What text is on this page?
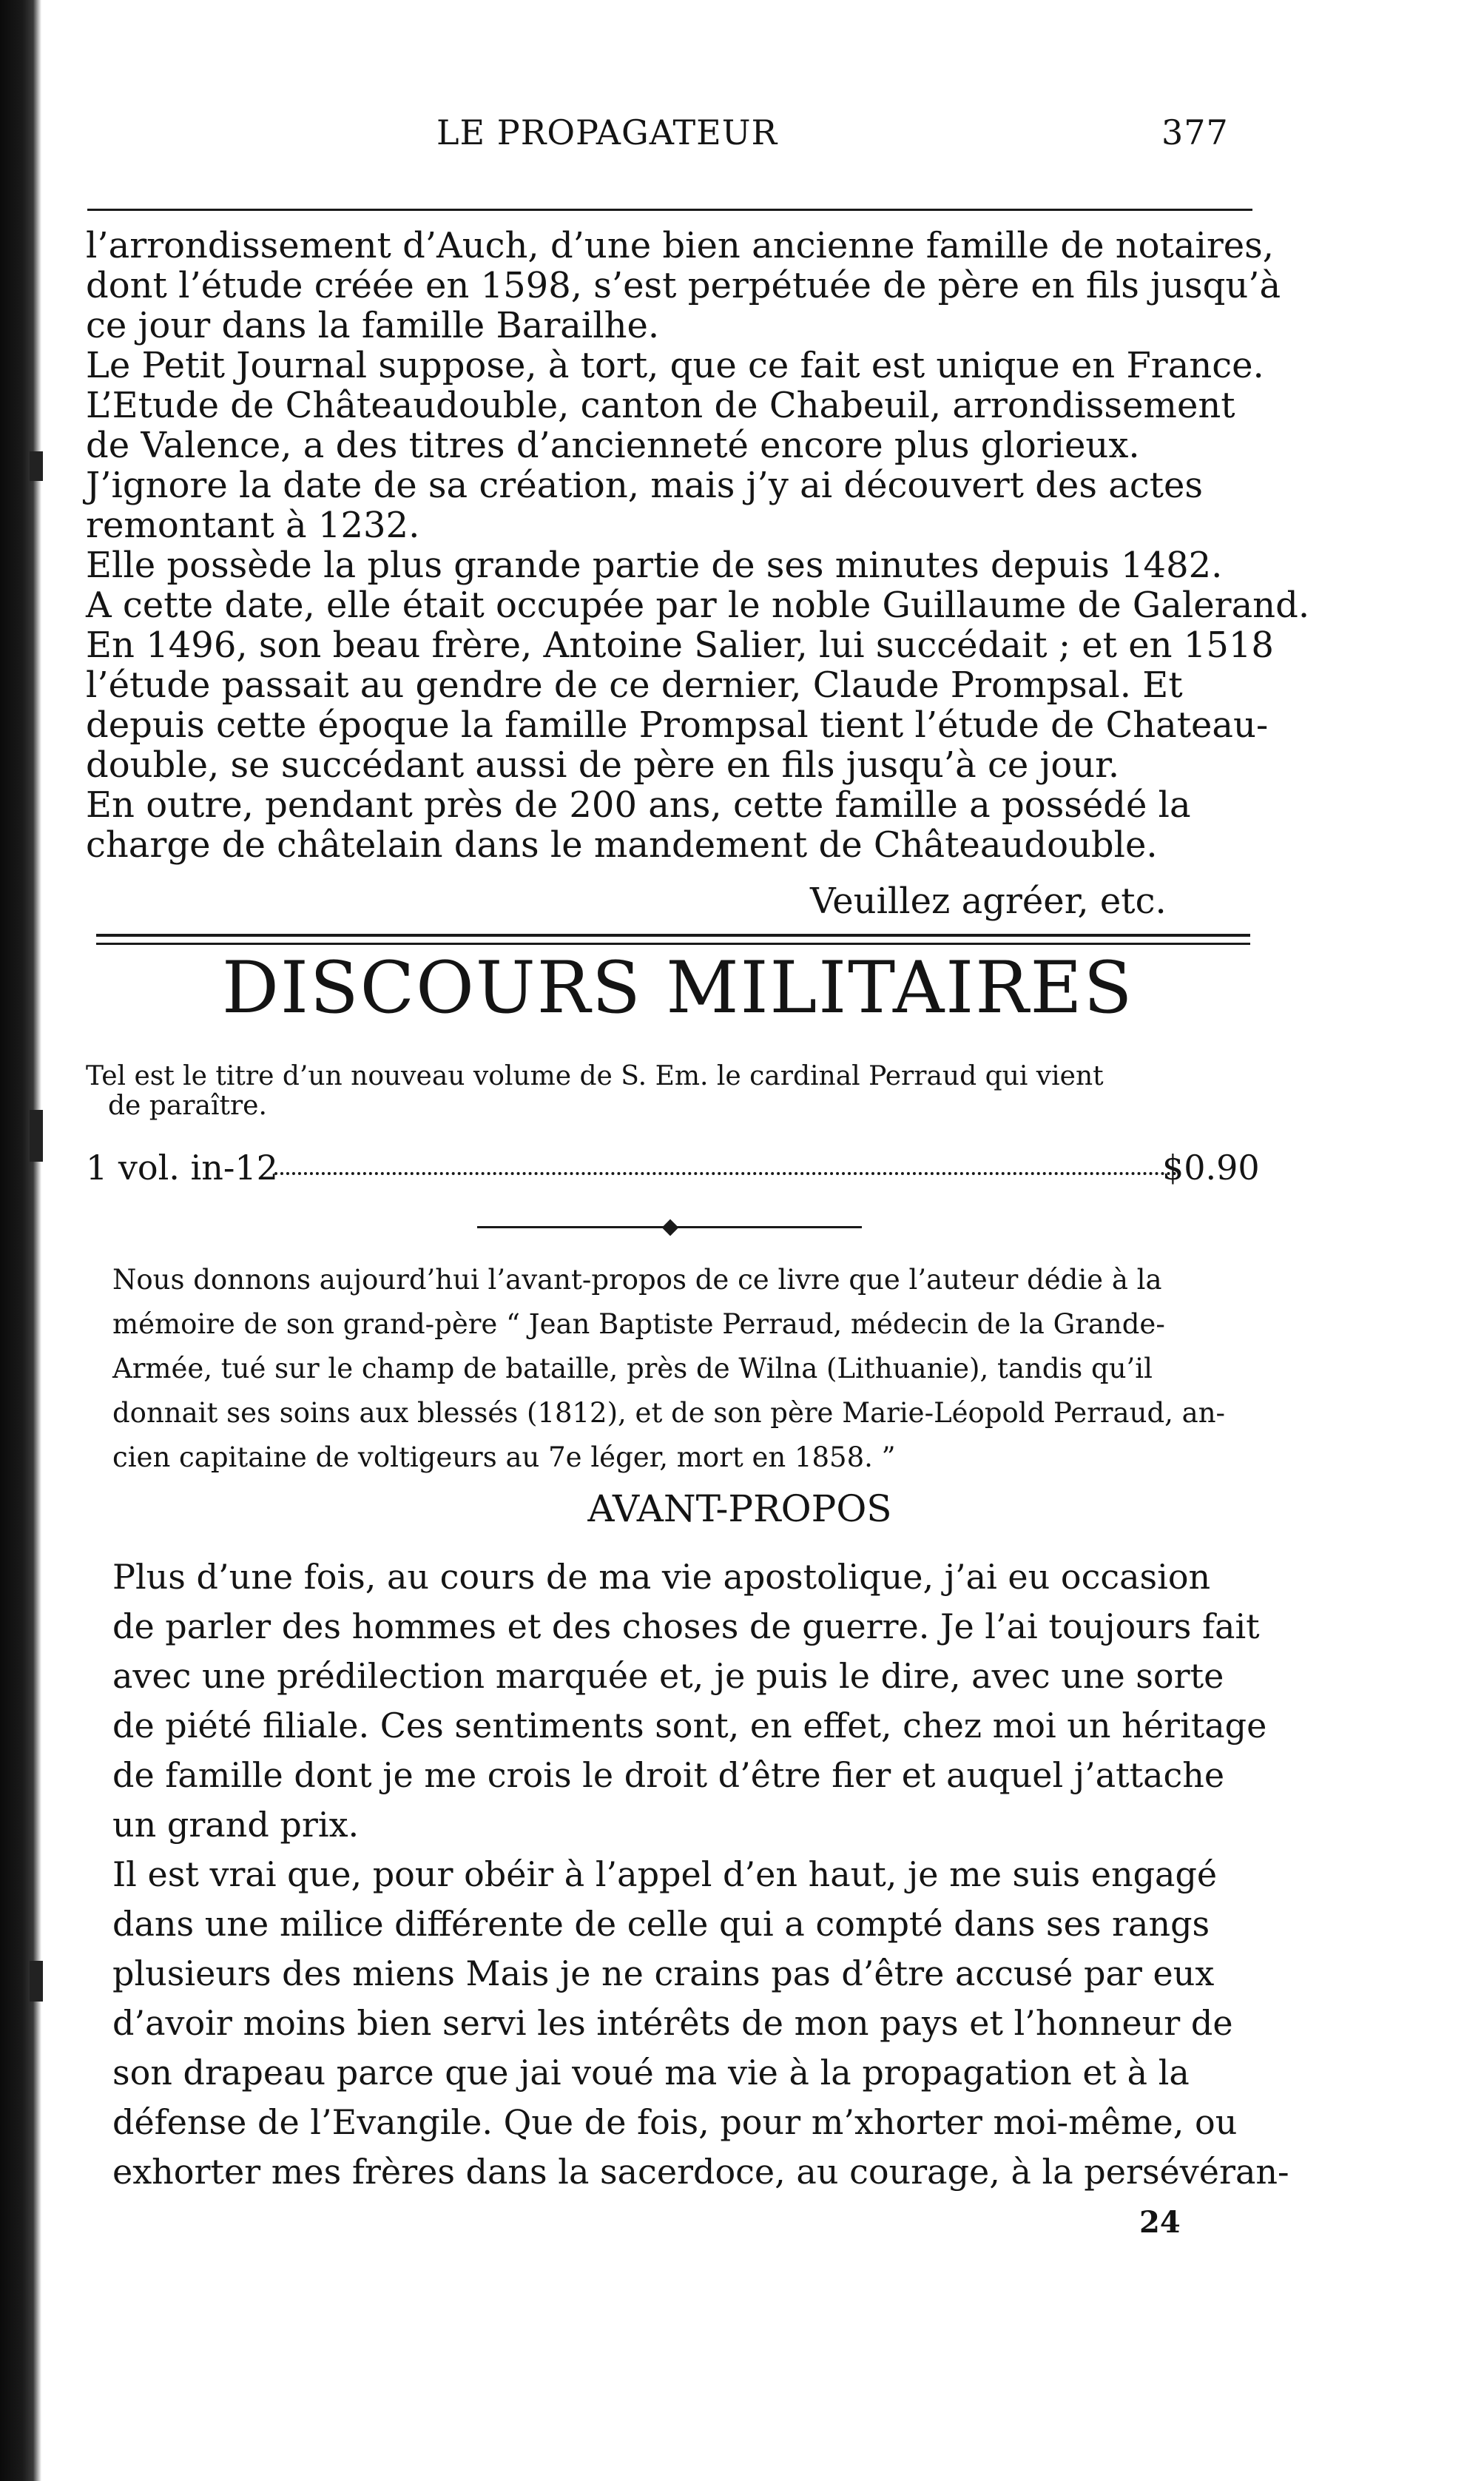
LE PROPAGATEUR	377
l’arrondissement d’Auch, d’une bien ancienne famille de notaires,
dont l’étude créée en 1598, s’est perpétuée de père en fils jusqu’à
ce jour dans la famille Barailhe.
Le Petit Journal suppose, à tort, que ce fait est unique en France.
L’Etude de Châteaudouble, canton de Chabeuil, arrondissement
de Valence, a des titres d’ancienneté encore plus glorieux.
J’ignore la date de sa création, mais j’y ai découvert des actes
remontant à 1232.
Elle possède la plus grande partie de ses minutes depuis 1482.
A cette date, elle était occupée par le noble Guillaume de Galerand.
En 1496, son beau frère, Antoine Salier, lui succédait ; et en 1518
l’étude passait au gendre de ce dernier, Claude Prompsal. Et
depuis cette époque la famille Prompsal tient l’étude de Chateau-
double, se succédant aussi de père en fils jusqu’à ce jour.
En outre, pendant près de 200 ans, cette famille a possédé la
charge de châtelain dans le mandement de Châteaudouble.
Veuillez agréer, etc.
DISCOURS MILITAIRES
Tel est le titre d’un nouveau volume de S. Em. le cardinal Perraud qui vient
de paraître.
1 vol. in-12	$0.90
Nous donnons aujourd’hui l’avant-propos de ce livre que l’auteur dédie à la
mémoire de son grand-père “ Jean Baptiste Perraud, médecin de la Grande-
Armée, tué sur le champ de bataille, près de Wilna (Lithuanie), tandis qu’il
donnait ses soins aux blessés (1812), et de son père Marie-Léopold Perraud, an-
cien capitaine de voltigeurs au 7e léger, mort en 1858. ”
AVANT-PROPOS
Plus d’une fois, au cours de ma vie apostolique, j’ai eu occasion
de parler des hommes et des choses de guerre. Je l’ai toujours fait
avec une prédilection marquée et, je puis le dire, avec une sorte
de piété filiale. Ces sentiments sont, en effet, chez moi un héritage
de famille dont je me crois le droit d’être fier et auquel j’attache
un grand prix.
Il est vrai que, pour obéir à l’appel d’en haut, je me suis engagé
dans une milice différente de celle qui a compté dans ses rangs
plusieurs des miens Mais je ne crains pas d’être accusé par eux
d’avoir moins bien servi les intérêts de mon pays et l’honneur de
son drapeau parce que jai voué ma vie à la propagation et à la
défense de l’Evangile. Que de fois, pour m’xhorter moi-même, ou
exhorter mes frères dans la sacerdoce, au courage, à la persévéran-
24
